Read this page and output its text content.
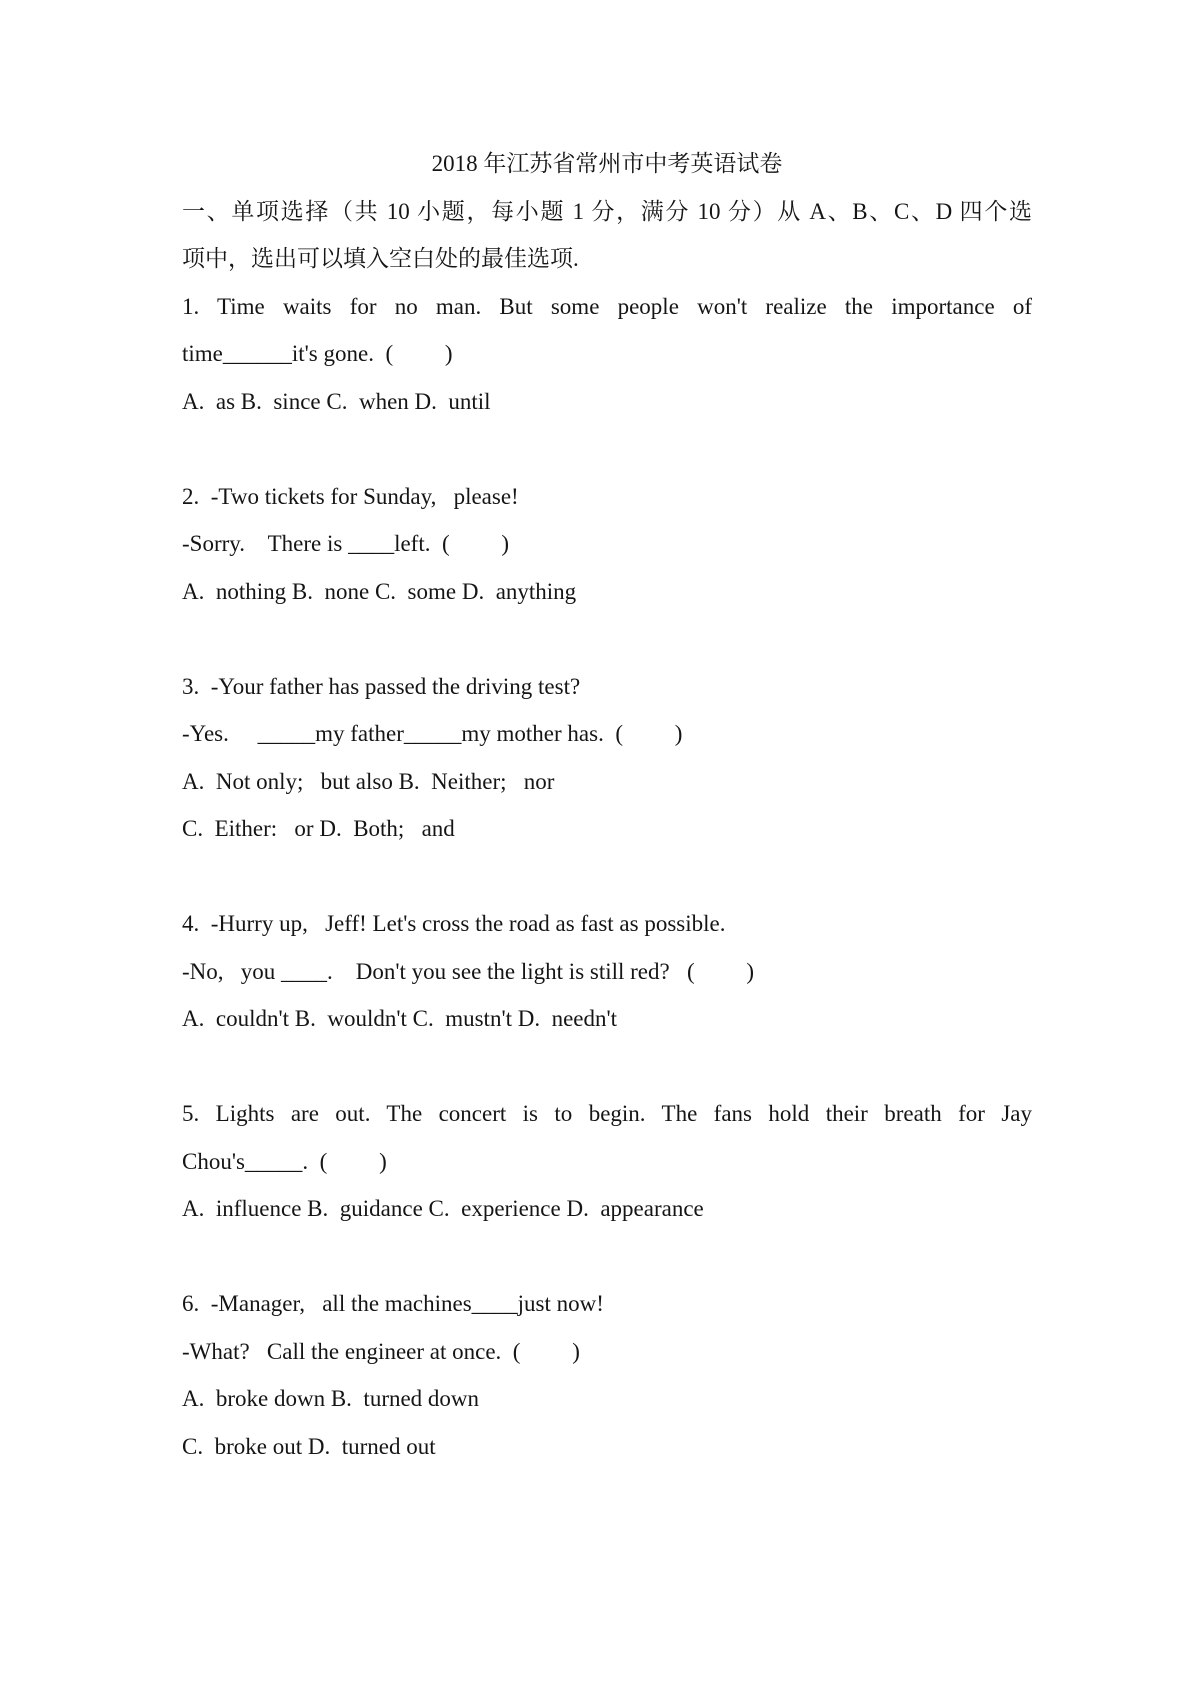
2018 年江苏省常州市中考英语试卷
一、单项选择（共 10 小题，每小题 1 分，满分 10 分）从 A、B、C、D 四个选
项中，选出可以填入空白处的最佳选项.
1. Time waits for no man. But some people won't realize the importance of
time______it's gone.  (         )
A.  as B.  since C.  when D.  until
2.  -Two tickets for Sunday,   please!
-Sorry.    There is ____left.  (         )
A.  nothing B.  none C.  some D.  anything
3.  -Your father has passed the driving test?
-Yes.     _____my father_____my mother has.  (         )
A.  Not only;   but also B.  Neither;   nor
C.  Either:   or D.  Both;   and
4.  -Hurry up,   Jeff! Let's cross the road as fast as possible.
-No,   you ____.    Don't you see the light is still red?   (         )
A.  couldn't B.  wouldn't C.  mustn't D.  needn't
5. Lights are out. The concert is to begin. The fans hold their breath for Jay
Chou's_____.  (         )
A.  influence B.  guidance C.  experience D.  appearance
6.  -Manager,   all the machines____just now!
-What?   Call the engineer at once.  (         )
A.  broke down B.  turned down
C.  broke out D.  turned out
